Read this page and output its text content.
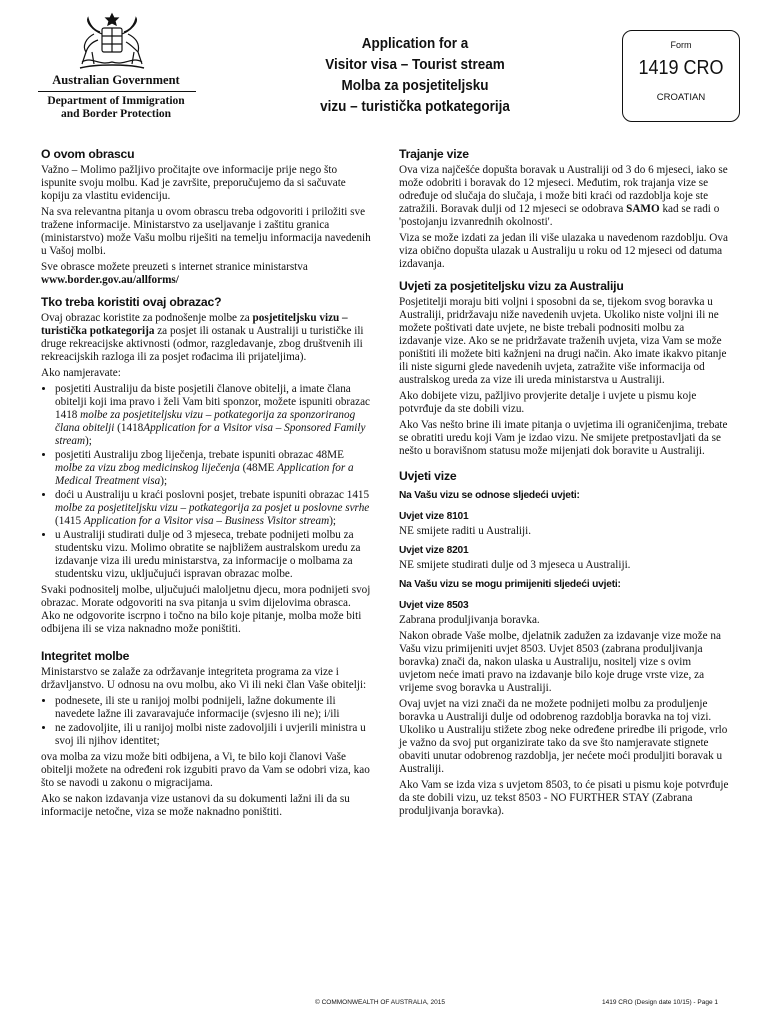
Australian Government
Department of Immigration
and Border Protection
Application for a
Visitor visa – Tourist stream
Molba za posjetiteljsku
vizu – turistička potkategorija
Form
1419 CRO
CROATIAN
O ovom obrascu

Važno – Molimo pažljivo pročitajte ove informacije prije nego što ispunite svoju molbu. Kad je završite, preporučujemo da si sačuvate kopiju za vlastitu evidenciju.

Na sva relevantna pitanja u ovom obrascu treba odgovoriti i priložiti sve tražene informacije. Ministarstvo za useljavanje i zaštitu granica (ministarstvo) može Vašu molbu riješiti na temelju informacija navedenih u Vašoj molbi.

Sve obrasce možete preuzeti s internet stranice ministarstva www.border.gov.au/allforms/

Tko treba koristiti ovaj obrazac?

Ovaj obrazac koristite za podnošenje molbe za posjetiteljsku vizu – turistička potkategorija za posjet ili ostanak u Australiji u turističke ili druge rekreacijske aktivnosti (odmor, razgledavanje, zbog društvenih ili rekreacijskih razloga ili za posjet rođacima ili prijateljima).

Ako namjeravate:

• posjetiti Australiju da biste posjetili članove obitelji, a imate člana obitelji koji ima pravo i želi Vam biti sponzor, možete ispuniti obrazac 1418 molbe za posjetiteljsku vizu – potkategorija za sponzoriranog člana obitelji (1418Application for a Visitor visa – Sponsored Family stream);
• posjetiti Australiju zbog liječenja, trebate ispuniti obrazac 48ME molbe za vizu zbog medicinskog liječenja (48ME Application for a Medical Treatment visa);
• doći u Australiju u kraći poslovni posjet, trebate ispuniti obrazac 1415 molbe za posjetiteljsku vizu – potkategorija za posjet u poslovne svrhe (1415 Application for a Visitor visa – Business Visitor stream);
• u Australiji studirati dulje od 3 mjeseca, trebate podnijeti molbu za studentsku vizu. Molimo obratite se najbližem australskom uredu za izdavanje viza ili uredu ministarstva, za informacije o molbama za studentsku vizu, uključujući ispravan obrazac molbe.

Svaki podnositelj molbe, uljučujući maloljetnu djecu, mora podnijeti svoj obrazac. Morate odgovoriti na sva pitanja u svim dijelovima obrasca. Ako ne odgovorite iscrpno i točno na bilo koje pitanje, molba može biti odbijena ili se viza naknadno može poništiti.

Integritet molbe

Ministarstvo se zalaže za održavanje integriteta programa za vize i državljanstvo. U odnosu na ovu molbu, ako Vi ili neki član Vaše obitelji:

• podnesete, ili ste u ranijoj molbi podnijeli, lažne dokumente ili navedete lažne ili zavaravajuće informacije (svjesno ili ne); i/ili
• ne zadovoljite, ili u ranijoj molbi niste zadovoljili i uvjerili ministra u svoj ili njihov identitet;

ova molba za vizu može biti odbijena, a Vi, te bilo koji članovi Vaše obitelji možete na određeni rok izgubiti pravo da Vam se odobri viza, kao što se navodi u zakonu o migracijama.

Ako se nakon izdavanja vize ustanovi da su dokumenti lažni ili da su informacije netočne, viza se može naknadno poništiti.

Trajanje vize

Ova viza najčešće dopušta boravak u Australiji od 3 do 6 mjeseci, iako se može odobriti i boravak do 12 mjeseci. Međutim, rok trajanja vize se određuje od slučaja do slučaja, i može biti kraći od razdoblja koje ste zatražili. Boravak dulji od 12 mjeseci se odobrava SAMO kad se radi o 'postojanju izvanrednih okolnosti'.

Viza se može izdati za jedan ili više ulazaka u navedenom razdoblju. Ova viza obično dopušta ulazak u Australiju u roku od 12 mjeseci od datuma izdavanja.

Uvjeti za posjetiteljsku vizu za Australiju

Posjetitelji moraju biti voljni i sposobni da se, tijekom svog boravka u Australiji, pridržavaju niže navedenih uvjeta. Ukoliko niste voljni ili ne možete poštivati date uvjete, ne biste trebali podnositi molbu za izdavanje vize. Ako se ne pridržavate traženih uvjeta, viza Vam se može poništiti ili možete biti kažnjeni na drugi način. Ako imate ikakvo pitanje ili niste sigurni glede navedenih uvjeta, zatražite više informacija od australskog ureda za vize ili ureda ministarstva u Australiji.

Ako dobijete vizu, pažljivo provjerite detalje i uvjete u pismu koje potvrđuje da ste dobili vizu.

Ako Vas nešto brine ili imate pitanja o uvjetima ili ograničenjima, trebate se obratiti uredu koji Vam je izdao vizu. Ne smijete pretpostavljati da se nešto u boravišnom statusu može mijenjati dok boravite u Australiji.

Uvjeti vize
Na Vašu vizu se odnose sljedeći uvjeti:
Uvjet vize 8101

NE smijete raditi u Australiji.

Uvjet vize 8201

NE smijete studirati dulje od 3 mjeseca u Australiji.

Na Vašu vizu se mogu primijeniti sljedeći uvjeti:
Uvjet vize 8503

Zabrana produljivanja boravka.

Nakon obrade Vaše molbe, djelatnik zadužen za izdavanje vize može na Vašu vizu primijeniti uvjet 8503. Uvjet 8503 (zabrana produljivanja boravka) znači da, nakon ulaska u Australiju, nositelj vize s ovim uvjetom neće imati pravo na izdavanje bilo koje druge vrste vize, za vrijeme svog boravka u Australiji.

Ovaj uvjet na vizi znači da ne možete podnijeti molbu za produljenje boravka u Australiji dulje od odobrenog razdoblja boravka na toj vizi. Ukoliko u Australiju stižete zbog neke određene priredbe ili prigode, vrlo je važno da svoj put organizirate tako da sve što namjeravate stignete obaviti unutar odobrenog razdoblja, jer nećete moći produljiti boravak u Australiji.

Ako Vam se izda viza s uvjetom 8503, to će pisati u pismu koje potvrđuje da ste dobili vizu, uz tekst 8503 - NO FURTHER STAY (Zabrana produljivanja boravka).

© COMMONWEALTH OF AUSTRALIA, 2015	1419 CRO (Design date 10/15) - Page 1
